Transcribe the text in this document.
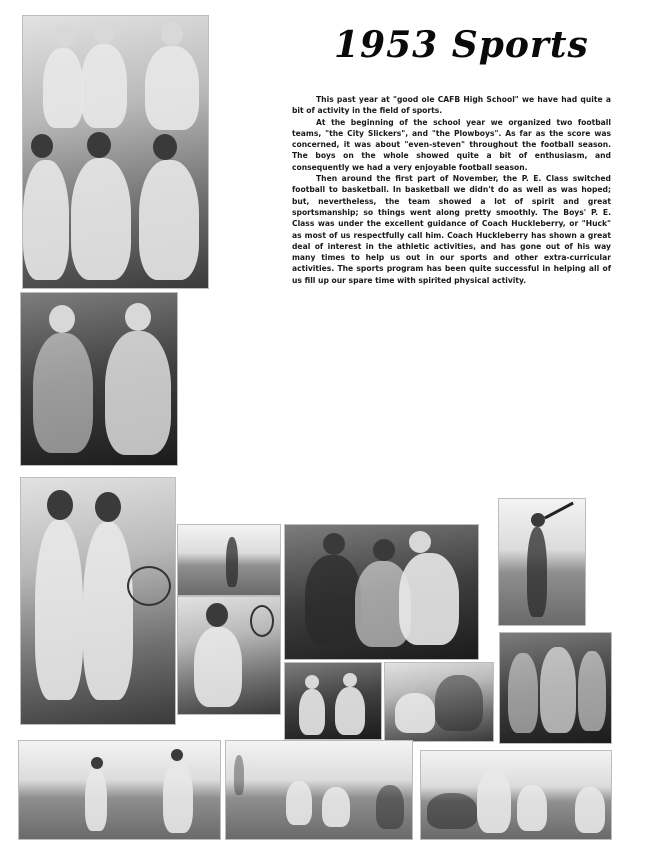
1953 Sports

This past year at "good ole CAFB High School" we have had quite a bit of activity in the field of sports.

At the beginning of the school year we organized two football teams, "the City Slickers", and "the Plowboys". As far as the score was concerned, it was about "even-steven" throughout the football season. The boys on the whole showed quite a bit of enthusiasm, and consequently we had a very enjoyable football season.

Then around the first part of November, the P. E. Class switched football to basketball. In basketball we didn't do as well as was hoped; but, nevertheless, the team showed a lot of spirit and great sportsmanship; so things went along pretty smoothly. The Boys' P. E. Class was under the excellent guidance of Coach Huckleberry, or "Huck" as most of us respectfully call him. Coach Huckleberry has shown a great deal of interest in the athletic activities, and has gone out of his way many times to help us out in our sports and other extra-curricular activities. The sports program has been quite successful in helping all of us fill up our spare time with spirited physical activity.
